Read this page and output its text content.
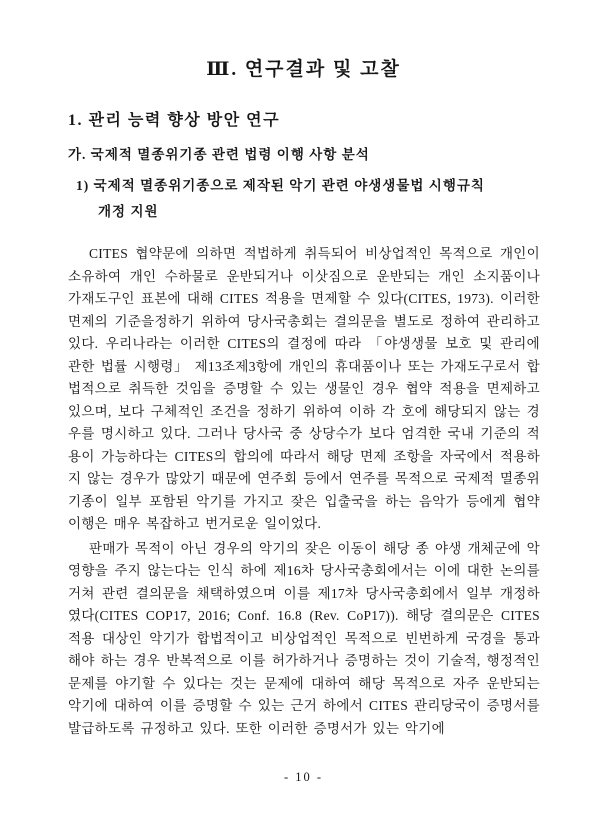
Ⅲ. 연구결과 및 고찰
1. 관리 능력 향상 방안 연구
가. 국제적 멸종위기종 관련 법령 이행 사항 분석
1) 국제적 멸종위기종으로 제작된 악기 관련 야생생물법 시행규칙
개정 지원

CITES 협약문에 의하면 적법하게 취득되어 비상업적인 목적으로 개인이 소유하여 개인 수하물로 운반되거나 이삿짐으로 운반되는 개인 소지품이나 가재도구인 표본에 대해 CITES 적용을 면제할 수 있다(CITES, 1973). 이러한 면제의 기준을정하기 위하여 당사국총회는 결의문을 별도로 정하여 관리하고 있다. 우리나라는 이러한 CITES의 결정에 따라 「야생생물 보호 및 관리에 관한 법률 시행령」 제13조제3항에 개인의 휴대품이나 또는 가재도구로서 합법적으로 취득한 것임을 증명할 수 있는 생물인 경우 협약 적용을 면제하고 있으며, 보다 구체적인 조건을 정하기 위하여 이하 각 호에 해당되지 않는 경우를 명시하고 있다. 그러나 당사국 중 상당수가 보다 엄격한 국내 기준의 적용이 가능하다는 CITES의 합의에 따라서 해당 면제 조항을 자국에서 적용하지 않는 경우가 많았기 때문에 연주회 등에서 연주를 목적으로 국제적 멸종위기종이 일부 포함된 악기를 가지고 잦은 입출국을 하는 음악가 등에게 협약 이행은 매우 복잡하고 번거로운 일이었다.

판매가 목적이 아닌 경우의 악기의 잦은 이동이 해당 종 야생 개체군에 악영향을 주지 않는다는 인식 하에 제16차 당사국총회에서는 이에 대한 논의를 거쳐 관련 결의문을 채택하였으며 이를 제17차 당사국총회에서 일부 개정하였다(CITES COP17, 2016; Conf. 16.8 (Rev. CoP17)). 해당 결의문은 CITES 적용 대상인 악기가 합법적이고 비상업적인 목적으로 빈번하게 국경을 통과해야 하는 경우 반복적으로 이를 허가하거나 증명하는 것이 기술적, 행정적인 문제를 야기할 수 있다는 것는 문제에 대하여 해당 목적으로 자주 운반되는 악기에 대하여 이를 증명할 수 있는 근거 하에서 CITES 관리당국이 증명서를 발급하도록 규정하고 있다. 또한 이러한 증명서가 있는 악기에

- 10 -
